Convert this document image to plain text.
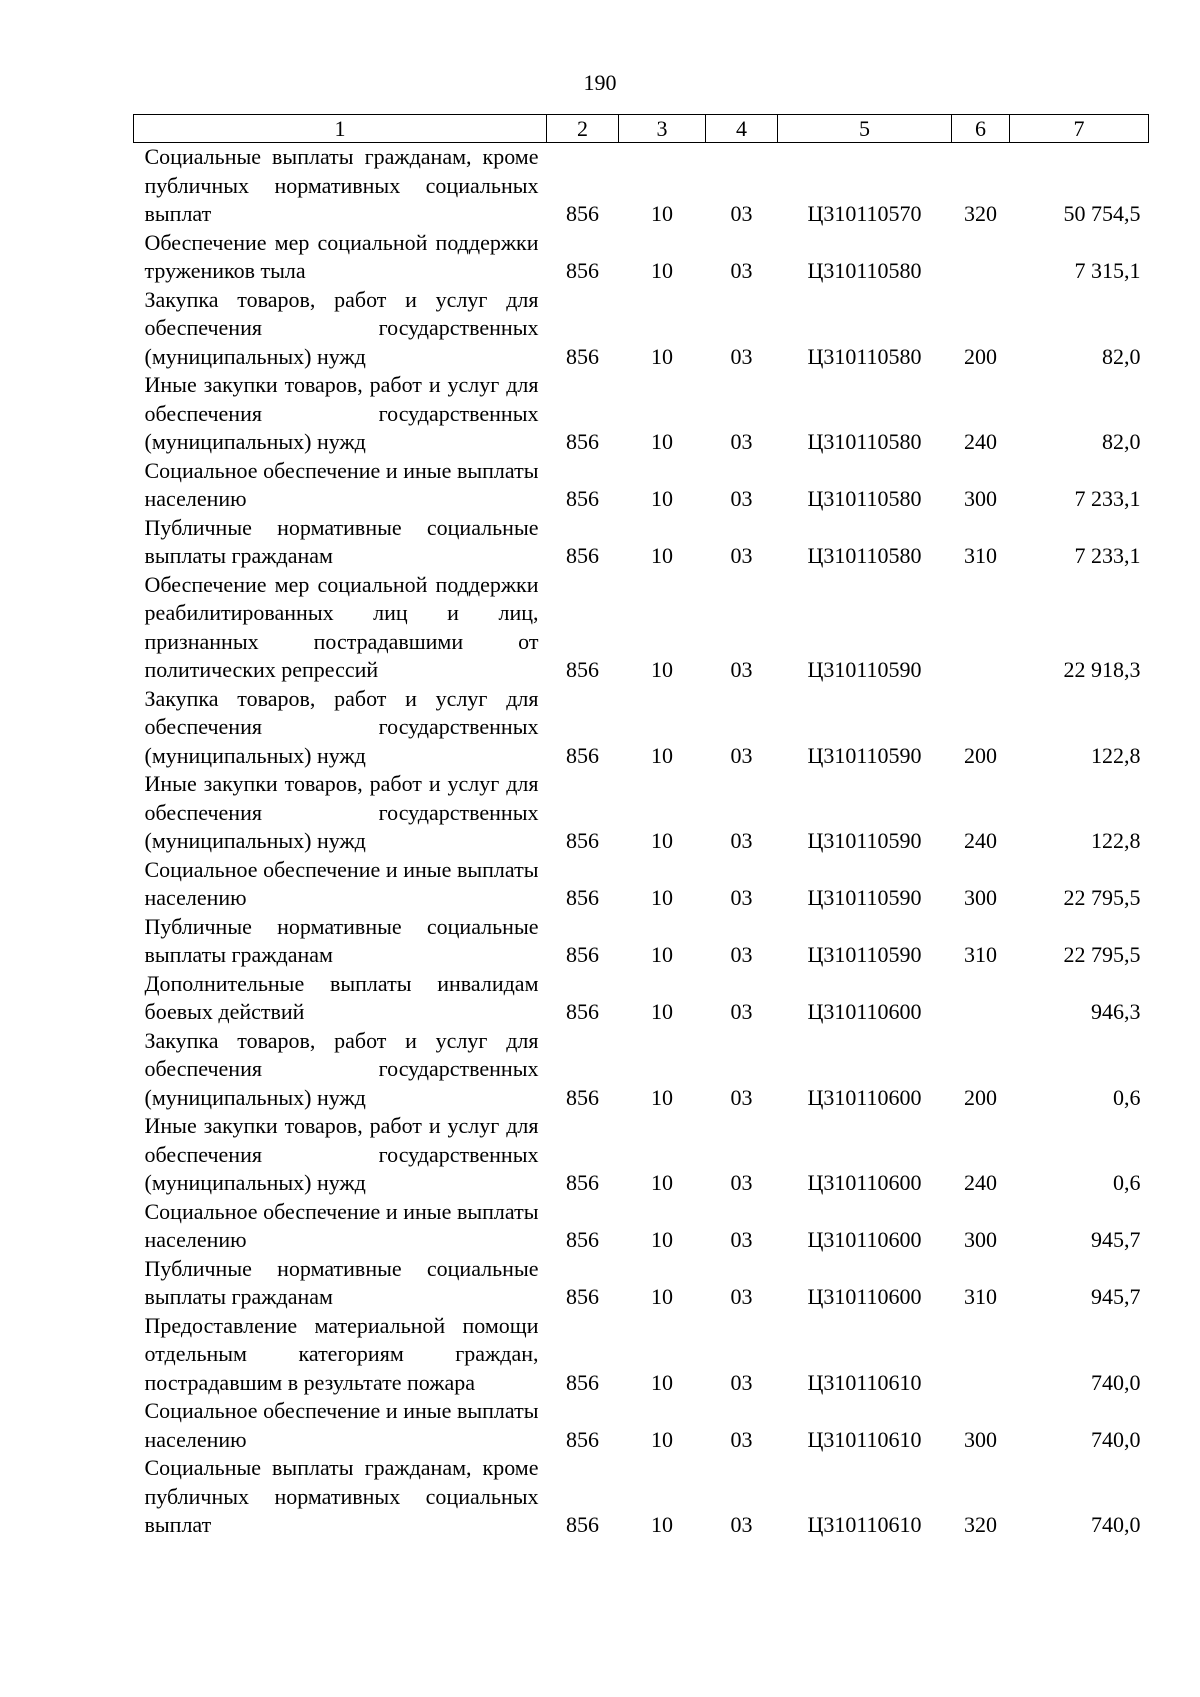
190
1	2	3	4	5	6	7
Социальные выплаты гражданам, кроме публичных нормативных социальных выплат	856	10	03	Ц310110570	320	50 754,5
Обеспечение мер социальной поддержки тружеников тыла	856	10	03	Ц310110580		7 315,1
Закупка товаров, работ и услуг для обеспечения государственных (муниципальных) нужд	856	10	03	Ц310110580	200	82,0
Иные закупки товаров, работ и услуг для обеспечения государственных (муниципальных) нужд	856	10	03	Ц310110580	240	82,0
Социальное обеспечение и иные выплаты населению	856	10	03	Ц310110580	300	7 233,1
Публичные нормативные социальные выплаты гражданам	856	10	03	Ц310110580	310	7 233,1
Обеспечение мер социальной поддержки реабилитированных лиц и лиц, признанных пострадавшими от политических репрессий	856	10	03	Ц310110590		22 918,3
Закупка товаров, работ и услуг для обеспечения государственных (муниципальных) нужд	856	10	03	Ц310110590	200	122,8
Иные закупки товаров, работ и услуг для обеспечения государственных (муниципальных) нужд	856	10	03	Ц310110590	240	122,8
Социальное обеспечение и иные выплаты населению	856	10	03	Ц310110590	300	22 795,5
Публичные нормативные социальные выплаты гражданам	856	10	03	Ц310110590	310	22 795,5
Дополнительные выплаты инвалидам боевых действий	856	10	03	Ц310110600		946,3
Закупка товаров, работ и услуг для обеспечения государственных (муниципальных) нужд	856	10	03	Ц310110600	200	0,6
Иные закупки товаров, работ и услуг для обеспечения государственных (муниципальных) нужд	856	10	03	Ц310110600	240	0,6
Социальное обеспечение и иные выплаты населению	856	10	03	Ц310110600	300	945,7
Публичные нормативные социальные выплаты гражданам	856	10	03	Ц310110600	310	945,7
Предоставление материальной помощи отдельным категориям граждан, пострадавшим в результате пожара	856	10	03	Ц310110610		740,0
Социальное обеспечение и иные выплаты населению	856	10	03	Ц310110610	300	740,0
Социальные выплаты гражданам, кроме публичных нормативных социальных выплат	856	10	03	Ц310110610	320	740,0
